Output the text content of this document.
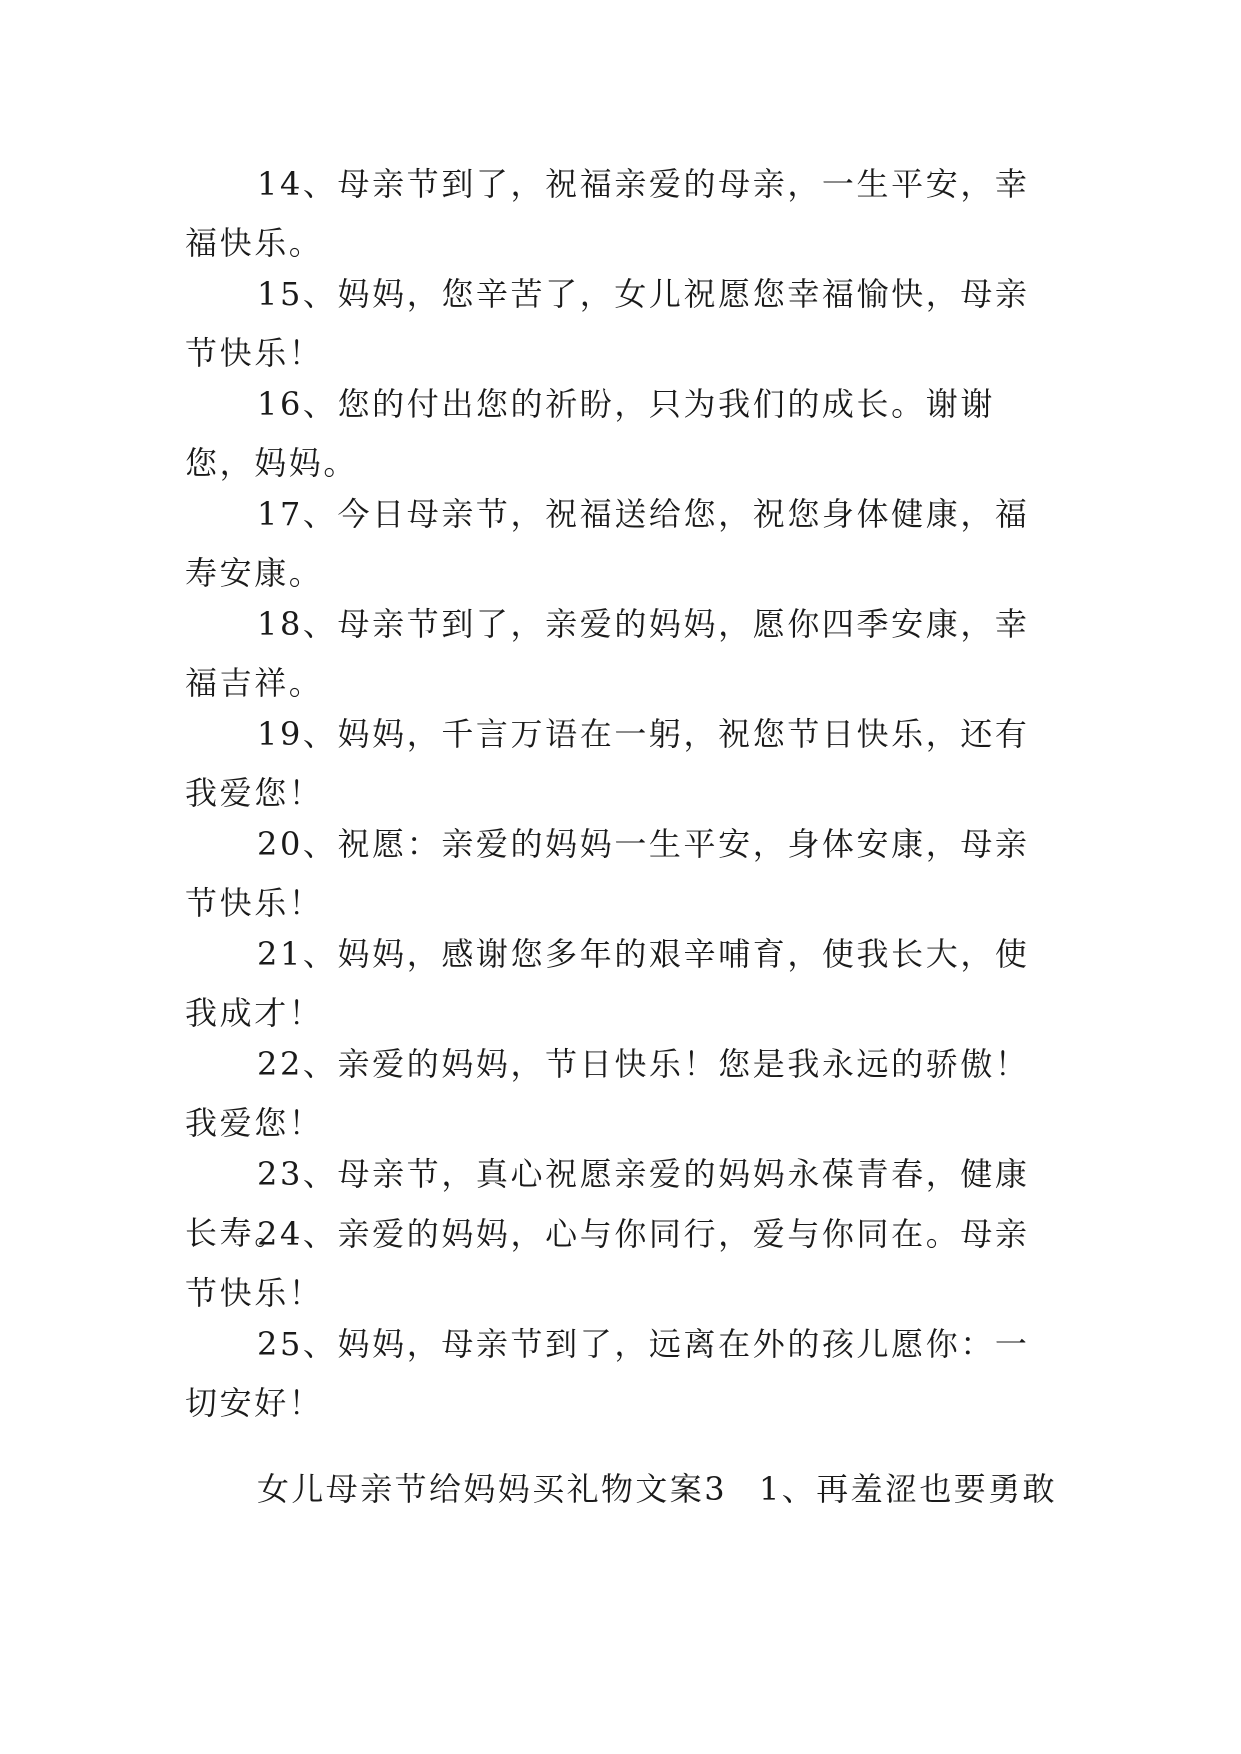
14、母亲节到了，祝福亲爱的母亲，一生平安，幸福快乐。

15、妈妈，您辛苦了，女儿祝愿您幸福愉快，母亲节快乐！

16、您的付出您的祈盼，只为我们的成长。谢谢您，妈妈。

17、今日母亲节，祝福送给您，祝您身体健康，福寿安康。

18、母亲节到了，亲爱的妈妈，愿你四季安康，幸福吉祥。

19、妈妈，千言万语在一躬，祝您节日快乐，还有我爱您！

20、祝愿：亲爱的妈妈一生平安，身体安康，母亲节快乐！

21、妈妈，感谢您多年的艰辛哺育，使我长大，使我成才！

22、亲爱的妈妈，节日快乐！您是我永远的骄傲！我爱您！

23、母亲节，真心祝愿亲爱的妈妈永葆青春，健康长寿。

24、亲爱的妈妈，心与你同行，爱与你同在。母亲节快乐！

25、妈妈，母亲节到了，远离在外的孩儿愿你：一切安好！

女儿母亲节给妈妈买礼物文案3 1、再羞涩也要勇敢
